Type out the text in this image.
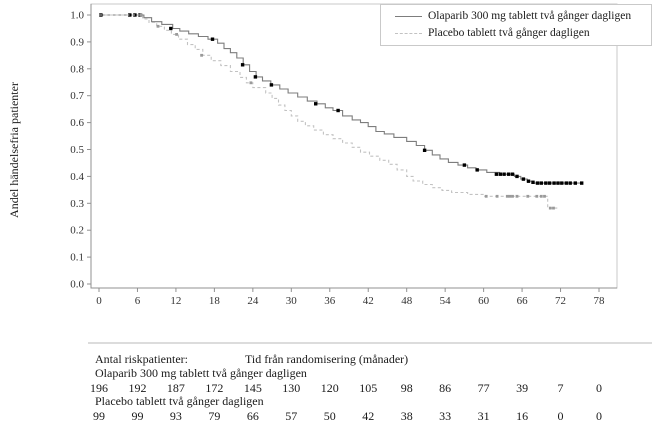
Andel händelsefria patienter
0.0
0.1
0.2
0.3
0.4
0.5
0.6
0.7
0.8
0.9
1.0
0	6	12 18 24 30 36 42 48 54 60 66 72 78
196 192 187 172 145 130 120 105 98 86 77 39 7	0
99 99 93 79 66 57 50 42 38 33 31 16 0	0
Olaparib 300 mg tablett två gånger dagligen
Placebo tablett två gånger dagligen
Antal riskpatienter:	Tid från randomisering (månader)
Olaparib 300 mg tablett två gånger dagligen
Placebo tablett två gånger dagligen
